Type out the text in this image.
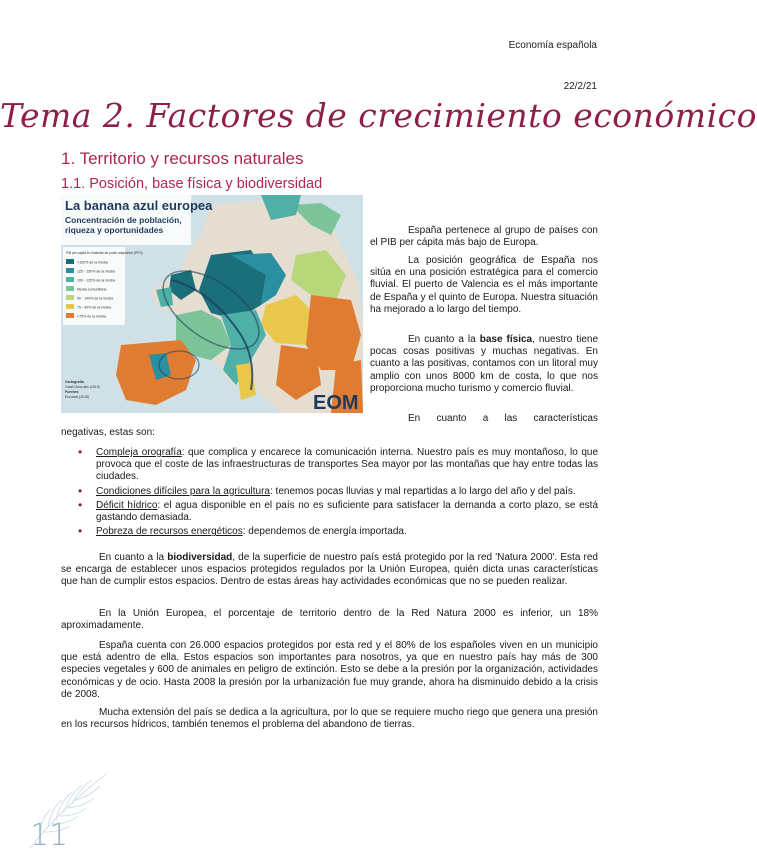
Economía española
22/2/21
Tema 2. Factores de crecimiento económico
1. Territorio y recursos naturales
1.1. Posición, base física y biodiversidad
La banana azul europea
Concentración de población,
riqueza y oportunidades
PIB per cápita en estándar de poder adquisitivo (PPS)
>150% de la media
125 - 150% de la media
100 - 125% de la media
Media comunitaria
90 - 100% de la media
75 - 90% de la media
<75% de la media
Cartografía
Gaab GeoLabs (2019)
Fuentes
Eurostat (2016)	EOM
España pertenece al grupo de países con el PIB per cápita más bajo de Europa.
La posición geográfica de España nos sitúa en una posición estratégica para el comercio fluvial. El puerto de Valencia es el más importante de España y el quinto de Europa. Nuestra situación ha mejorado a lo largo del tiempo.
En cuanto a la base física, nuestro tiene pocas cosas positivas y muchas negativas. En cuanto a las positivas, contamos con un litoral muy amplio con unos 8000 km de costa, lo que nos proporciona mucho turismo y comercio fluvial.
En cuanto a las características
negativas, estas son:
• Compleja orografía: que complica y encarece la comunicación interna. Nuestro país es muy montañoso, lo que provoca que el coste de las infraestructuras de transportes Sea mayor por las montañas que hay entre todas las ciudades.
• Condiciones difíciles para la agricultura: tenemos pocas lluvias y mal repartidas a lo largo del año y del país.
• Déficit hídrico: el agua disponible en el país no es suficiente para satisfacer la demanda a corto plazo, se está gastando demasiada.
• Pobreza de recursos energéticos: dependemos de energía importada.
En cuanto a la biodiversidad, de la superficie de nuestro país está protegido por la red 'Natura 2000'. Esta red se encarga de establecer unos espacios protegidos regulados por la Unión Europea, quién dicta unas características que han de cumplir estos espacios. Dentro de estas áreas hay actividades económicas que no se pueden realizar.
En la Unión Europea, el porcentaje de territorio dentro de la Red Natura 2000 es inferior, un 18% aproximadamente.
España cuenta con 26.000 espacios protegidos por esta red y el 80% de los españoles viven en un municipio que está adentro de ella. Estos espacios son importantes para nosotros, ya que en nuestro país hay más de 300 especies vegetales y 600 de animales en peligro de extinción. Esto se debe a la presión por la organización, actividades económicas y de ocio. Hasta 2008 la presión por la urbanización fue muy grande, ahora ha disminuido debido a la crisis de 2008.
Mucha extensión del país se dedica a la agricultura, por lo que se requiere mucho riego que genera una presión en los recursos hídricos, también tenemos el problema del abandono de tierras.
11
